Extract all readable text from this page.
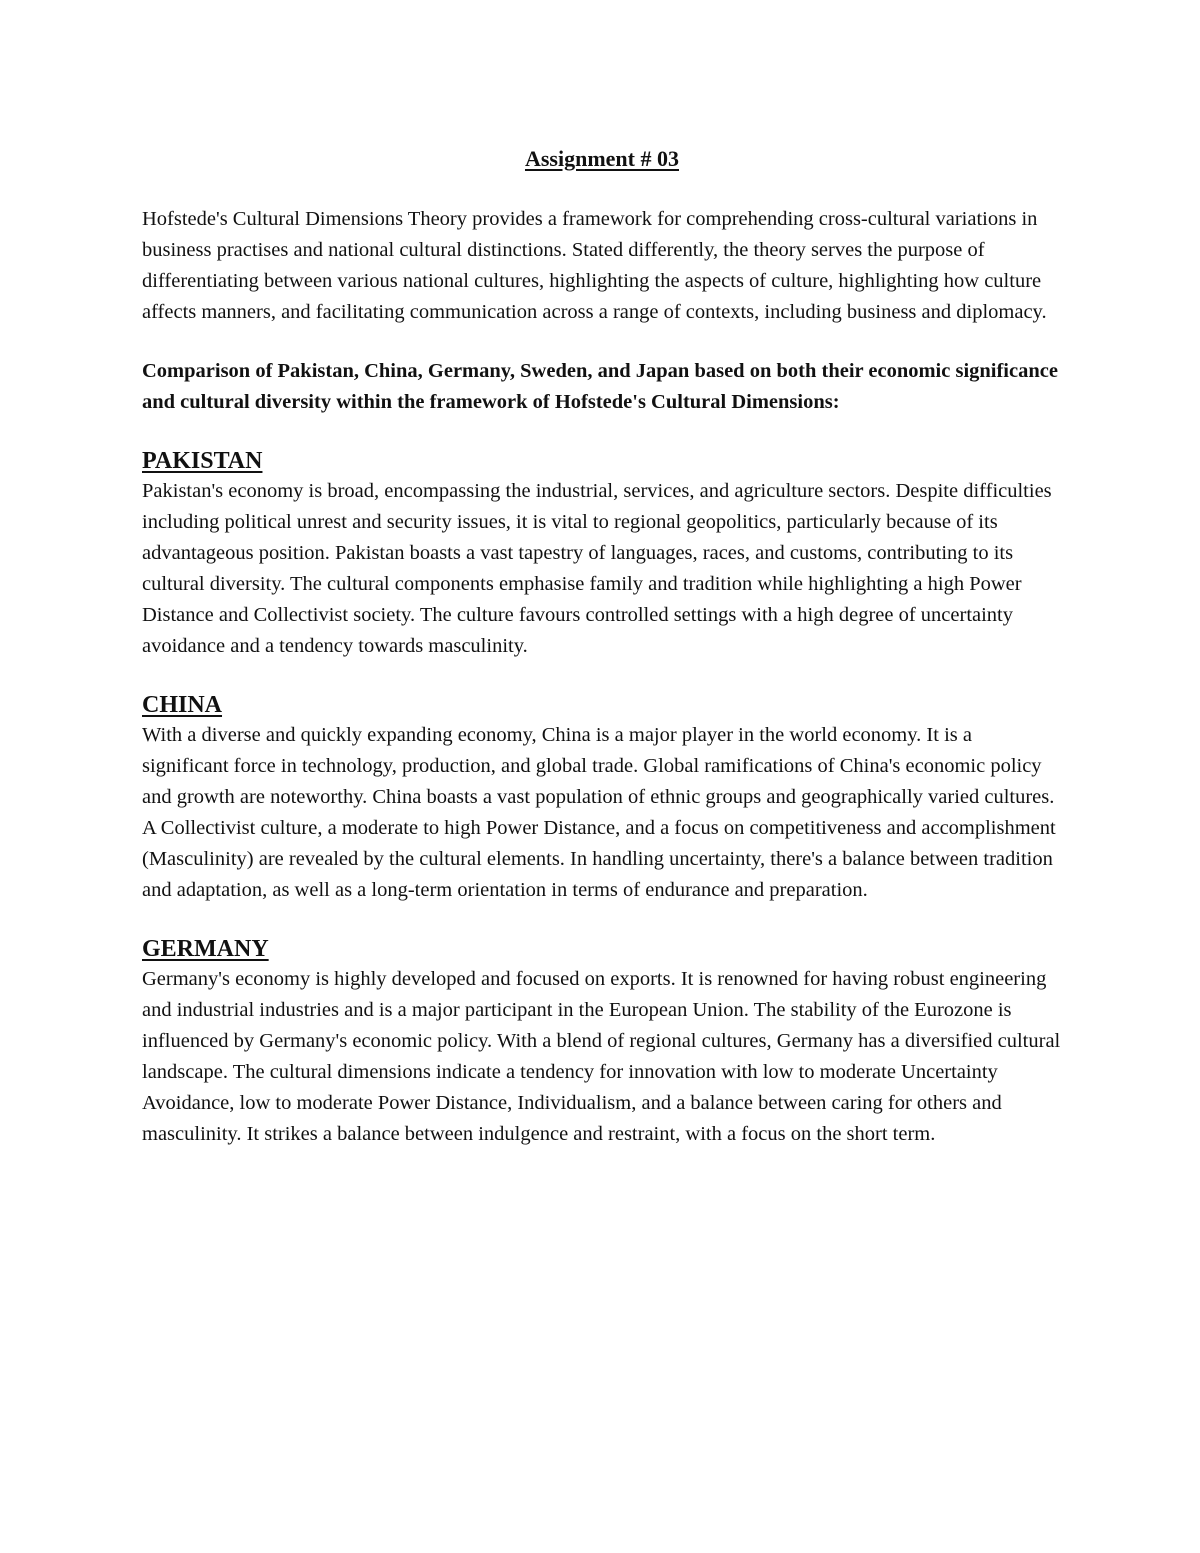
Assignment # 03

Hofstede's Cultural Dimensions Theory provides a framework for comprehending cross-cultural variations in business practises and national cultural distinctions. Stated differently, the theory serves the purpose of differentiating between various national cultures, highlighting the aspects of culture, highlighting how culture affects manners, and facilitating communication across a range of contexts, including business and diplomacy.

Comparison of Pakistan, China, Germany, Sweden, and Japan based on both their economic significance and cultural diversity within the framework of Hofstede's Cultural Dimensions:

PAKISTAN

Pakistan's economy is broad, encompassing the industrial, services, and agriculture sectors. Despite difficulties including political unrest and security issues, it is vital to regional geopolitics, particularly because of its advantageous position. Pakistan boasts a vast tapestry of languages, races, and customs, contributing to its cultural diversity. The cultural components emphasise family and tradition while highlighting a high Power Distance and Collectivist society. The culture favours controlled settings with a high degree of uncertainty avoidance and a tendency towards masculinity.

CHINA

With a diverse and quickly expanding economy, China is a major player in the world economy. It is a significant force in technology, production, and global trade. Global ramifications of China's economic policy and growth are noteworthy. China boasts a vast population of ethnic groups and geographically varied cultures. A Collectivist culture, a moderate to high Power Distance, and a focus on competitiveness and accomplishment (Masculinity) are revealed by the cultural elements. In handling uncertainty, there's a balance between tradition and adaptation, as well as a long-term orientation in terms of endurance and preparation.

GERMANY

Germany's economy is highly developed and focused on exports. It is renowned for having robust engineering and industrial industries and is a major participant in the European Union. The stability of the Eurozone is influenced by Germany's economic policy. With a blend of regional cultures, Germany has a diversified cultural landscape. The cultural dimensions indicate a tendency for innovation with low to moderate Uncertainty Avoidance, low to moderate Power Distance, Individualism, and a balance between caring for others and masculinity. It strikes a balance between indulgence and restraint, with a focus on the short term.
